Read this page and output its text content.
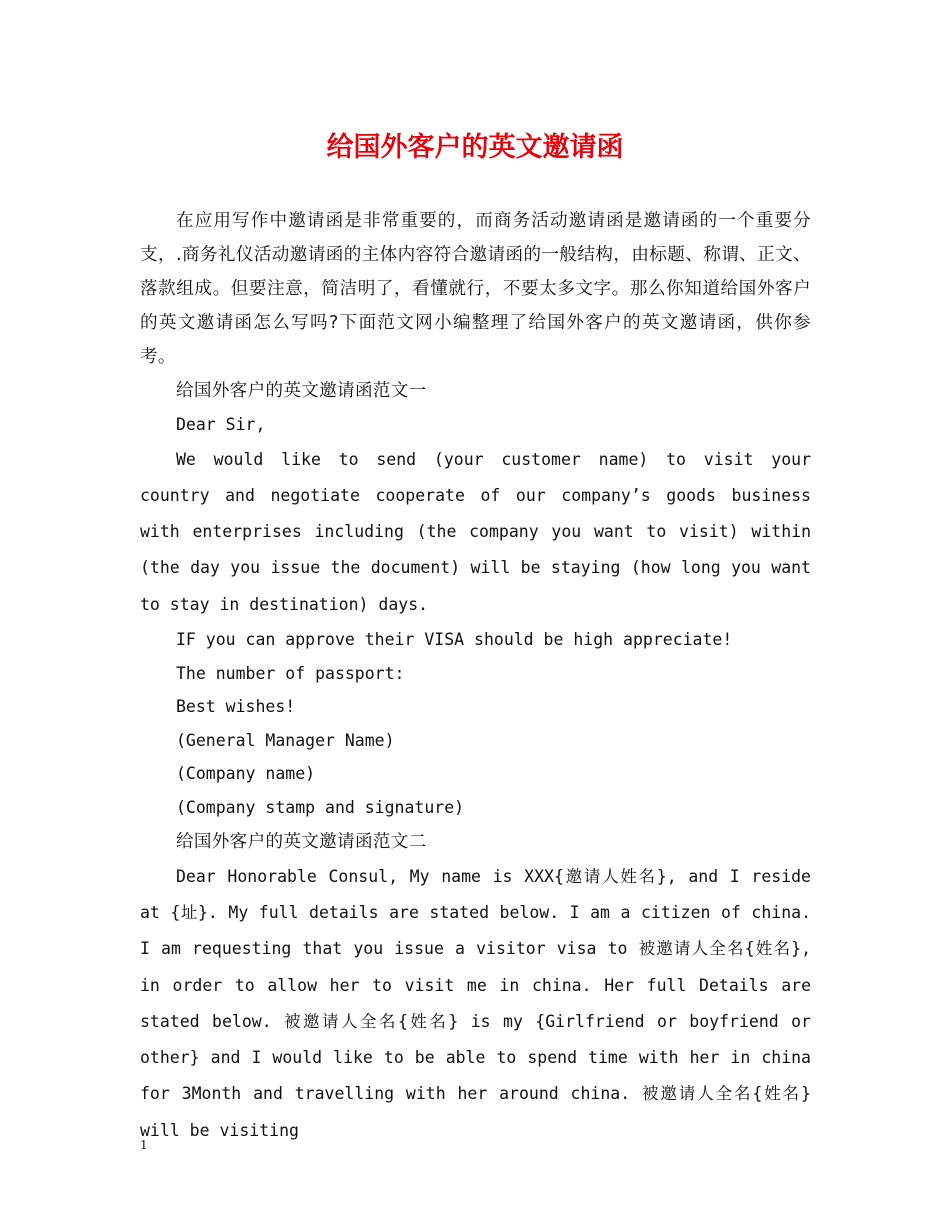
给国外客户的英文邀请函

在应用写作中邀请函是非常重要的，而商务活动邀请函是邀请函的一个重要分支，.商务礼仪活动邀请函的主体内容符合邀请函的一般结构，由标题、称谓、正文、落款组成。但要注意，简洁明了，看懂就行，不要太多文字。那么你知道给国外客户的英文邀请函怎么写吗?下面范文网小编整理了给国外客户的英文邀请函，供你参考。

给国外客户的英文邀请函范文一

Dear Sir,

We would like to send (your customer name) to visit your country and negotiate cooperate of our company’s goods business with enterprises including (the company you want to visit) within (the day you issue the document) will be staying (how long you want to stay in destination) days.

IF you can approve their VISA should be high appreciate!

The number of passport:

Best wishes!

(General Manager Name)

(Company name)

(Company stamp and signature)

给国外客户的英文邀请函范文二

Dear Honorable Consul, My name is XXX{邀请人姓名}, and I reside at {址}. My full details are stated below. I am a citizen of china. I am requesting that you issue a visitor visa to 被邀请人全名{姓名}, in order to allow her to visit me in china. Her full Details are stated below. 被邀请人全名{姓名} is my {Girlfriend or boyfriend or other} and I would like to be able to spend time with her in china for 3Month and travelling with her around china. 被邀请人全名{姓名} will be visiting

1
